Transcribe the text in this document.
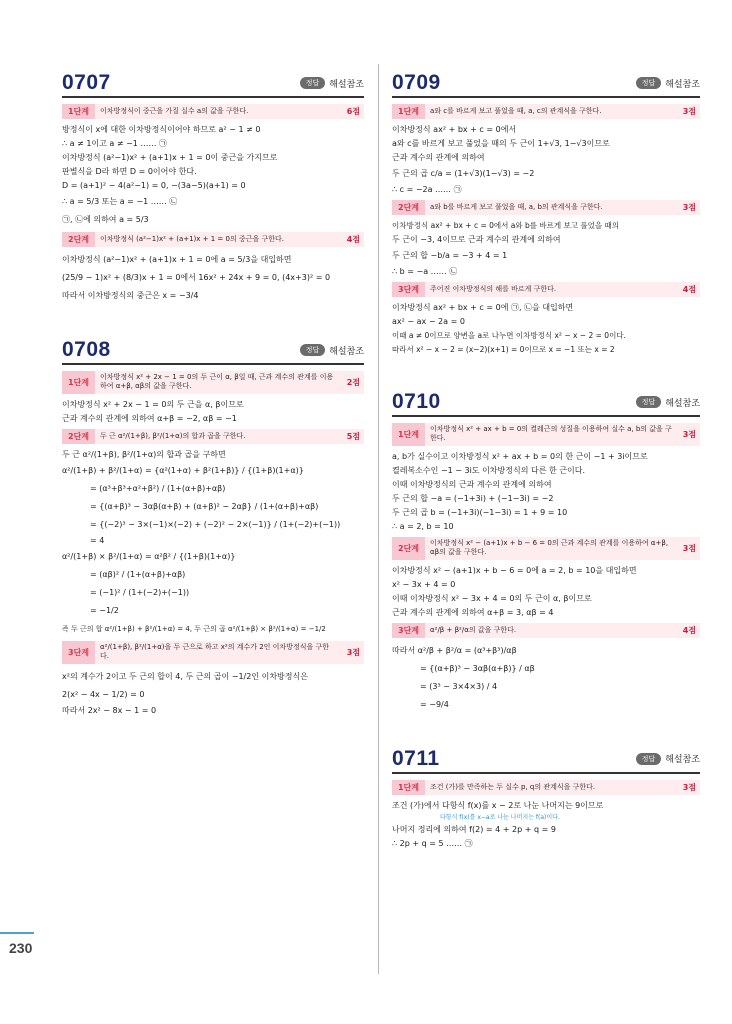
230
0707	정답	해설참조
1단계	이차방정식이 중근을 가질 실수 a의 값을 구한다.	6점
방정식이 x에 대한 이차방정식이어야 하므로 a² − 1 ≠ 0
∴ a ≠ 1이고 a ≠ −1 …… ㉠
이차방정식 (a²−1)x² + (a+1)x + 1 = 0이 중근을 가지므로
판별식을 D라 하면 D = 0이어야 한다.
D = (a+1)² − 4(a²−1) = 0, −(3a−5)(a+1) = 0
∴ a = 5/3 또는 a = −1 …… ㉡
㉠, ㉡에 의하여 a = 5/3
2단계	이차방정식 (a²−1)x² + (a+1)x + 1 = 0의 중근을 구한다.	4점
이차방정식 (a²−1)x² + (a+1)x + 1 = 0에 a = 5/3을 대입하면
(25/9 − 1)x² + (8/3)x + 1 = 0에서 16x² + 24x + 9 = 0, (4x+3)² = 0
따라서 이차방정식의 중근은 x = −3/4
0708	정답	해설참조
1단계
이차방정식 x² + 2x − 1 = 0의 두 근이 α, β일 때, 근과 계수의 관계를 이용하여 α+β, αβ의 값을 구한다.	2점
이차방정식 x² + 2x − 1 = 0의 두 근을 α, β이므로
근과 계수의 관계에 의하여 α+β = −2, αβ = −1
2단계	두 근 α²/(1+β), β²/(1+α)의 합과 곱을 구한다.	5점
두 근 α²/(1+β), β²/(1+α)의 합과 곱을 구하면
α²/(1+β) + β²/(1+α) = {α²(1+α) + β²(1+β)} / {(1+β)(1+α)}
= (α³+β³+α²+β²) / (1+(α+β)+αβ)
= {(α+β)³ − 3αβ(α+β) + (α+β)² − 2αβ} / (1+(α+β)+αβ)
= {(−2)³ − 3×(−1)×(−2) + (−2)² − 2×(−1)} / (1+(−2)+(−1))
= 4
α²/(1+β) × β²/(1+α) = α²β² / {(1+β)(1+α)}
= (αβ)² / (1+(α+β)+αβ)
= (−1)² / (1+(−2)+(−1))
= −1/2
즉 두 근의 합 α²/(1+β) + β²/(1+α) = 4, 두 근의 곱 α²/(1+β) × β²/(1+α) = −1/2
3단계
α²/(1+β), β²/(1+α)을 두 근으로 하고 x²의 계수가 2인 이차방정식을 구한다.	3점
x²의 계수가 2이고 두 근의 합이 4, 두 근의 곱이 −1/2인 이차방정식은
2(x² − 4x − 1/2) = 0
따라서 2x² − 8x − 1 = 0
0709	정답	해설참조
1단계	a와 c를 바르게 보고 풀었을 때, a, c의 관계식을 구한다.	3점
이차방정식 ax² + bx + c = 0에서
a와 c를 바르게 보고 풀었을 때의 두 근이 1+√3, 1−√3이므로
근과 계수의 관계에 의하여
두 근의 곱 c/a = (1+√3)(1−√3) = −2
∴ c = −2a …… ㉠
2단계	a와 b를 바르게 보고 풀었을 때, a, b의 관계식을 구한다.	3점
이차방정식 ax² + bx + c = 0에서 a와 b를 바르게 보고 풀었을 때의
두 근이 −3, 4이므로 근과 계수의 관계에 의하여
두 근의 합 −b/a = −3 + 4 = 1
∴ b = −a …… ㉡
3단계	주어진 이차방정식의 해를 바르게 구한다.	4점
이차방정식 ax² + bx + c = 0에 ㉠, ㉡을 대입하면
ax² − ax − 2a = 0
이때 a ≠ 0이므로 양변을 a로 나누면 이차방정식 x² − x − 2 = 0이다.
따라서 x² − x − 2 = (x−2)(x+1) = 0이므로 x = −1 또는 x = 2
0710	정답	해설참조
1단계
이차방정식 x² + ax + b = 0의 켤레근의 성질을 이용하여 실수 a, b의 값을 구한다.	3점
a, b가 실수이고 이차방정식 x² + ax + b = 0의 한 근이 −1 + 3i이므로
켤레복소수인 −1 − 3i도 이차방정식의 다른 한 근이다.
이때 이차방정식의 근과 계수의 관계에 의하여
두 근의 합 −a = (−1+3i) + (−1−3i) = −2
두 근의 곱 b = (−1+3i)(−1−3i) = 1 + 9 = 10
∴ a = 2, b = 10
2단계
이차방정식 x² − (a+1)x + b − 6 = 0의 근과 계수의 관계를 이용하여 α+β, αβ의 값을 구한다.	3점
이차방정식 x² − (a+1)x + b − 6 = 0에 a = 2, b = 10을 대입하면
x² − 3x + 4 = 0
이때 이차방정식 x² − 3x + 4 = 0의 두 근이 α, β이므로
근과 계수의 관계에 의하여 α+β = 3, αβ = 4
3단계	α²/β + β²/α의 값을 구한다.	4점
따라서 α²/β + β²/α = (α³+β³)/αβ
= {(α+β)³ − 3αβ(α+β)} / αβ
= (3³ − 3×4×3) / 4
= −9/4
0711	정답	해설참조
1단계	조건 (가)를 만족하는 두 실수 p, q의 관계식을 구한다.	3점
조건 (가)에서 다항식 f(x)를 x − 2로 나눈 나머지는 9이므로
다항식 f(x)를 x−a로 나눈 나머지는 f(a)이다.
나머지 정리에 의하여 f(2) = 4 + 2p + q = 9
∴ 2p + q = 5 …… ㉠
